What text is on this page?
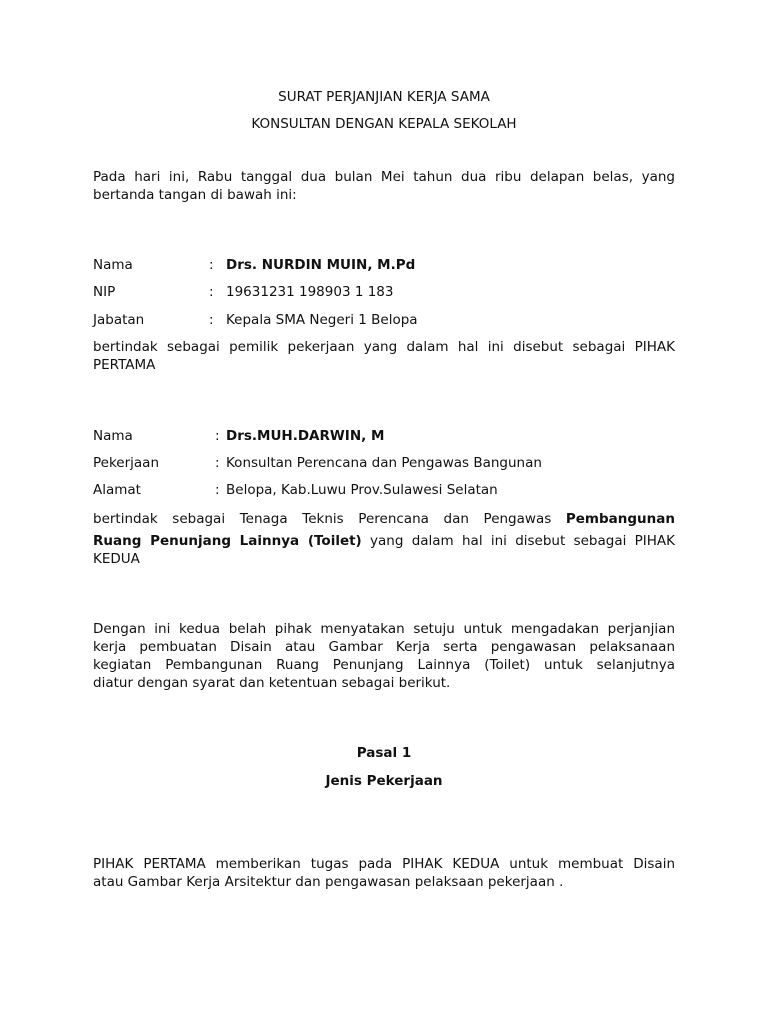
SURAT PERJANJIAN KERJA SAMA
KONSULTAN DENGAN KEPALA SEKOLAH
Pada hari ini, Rabu tanggal dua bulan Mei tahun dua ribu delapan belas, yang
bertanda tangan di bawah ini:
Nama	: Drs. NURDIN MUIN, M.Pd
NIP	: 19631231 198903 1 183
Jabatan	: Kepala SMA Negeri 1 Belopa
bertindak sebagai pemilik pekerjaan yang dalam hal ini disebut sebagai PIHAK
PERTAMA
Nama	: Drs.MUH.DARWIN, M
Pekerjaan	: Konsultan Perencana dan Pengawas Bangunan
Alamat	: Belopa, Kab.Luwu Prov.Sulawesi Selatan
bertindak sebagai Tenaga Teknis Perencana dan Pengawas Pembangunan
Ruang Penunjang Lainnya (Toilet) yang dalam hal ini disebut sebagai PIHAK
KEDUA
Dengan ini kedua belah pihak menyatakan setuju untuk mengadakan perjanjian
kerja pembuatan Disain atau Gambar Kerja serta pengawasan pelaksanaan
kegiatan Pembangunan Ruang Penunjang Lainnya (Toilet) untuk selanjutnya
diatur dengan syarat dan ketentuan sebagai berikut.
Pasal 1
Jenis Pekerjaan
PIHAK PERTAMA memberikan tugas pada PIHAK KEDUA untuk membuat Disain
atau Gambar Kerja Arsitektur dan pengawasan pelaksaan pekerjaan .
